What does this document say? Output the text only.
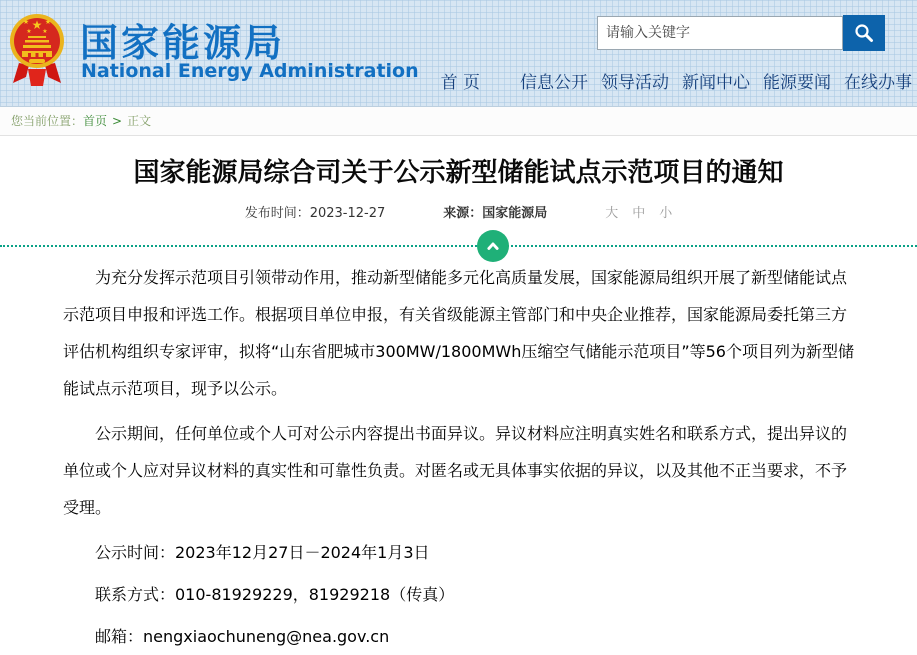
★
★ ★
★ ★ 国家能源局
National Energy Administration
请输入关键字
首 页 信息公开 领导活动 新闻中心 能源要闻 在线办事
您当前位置：首页 > 正文
国家能源局综合司关于公示新型储能试点示范项目的通知
发布时间：2023-12-27	来源：国家能源局	大 中 小

为充分发挥示范项目引领带动作用，推动新型储能多元化高质量发展，国家能源局组织开展了新型储能试点示范项目申报和评选工作。根据项目单位申报，有关省级能源主管部门和中央企业推荐，国家能源局委托第三方评估机构组织专家评审，拟将“山东省肥城市300MW/1800MWh压缩空气储能示范项目”等56个项目列为新型储能试点示范项目，现予以公示。

公示期间，任何单位或个人可对公示内容提出书面异议。异议材料应注明真实姓名和联系方式，提出异议的单位或个人应对异议材料的真实性和可靠性负责。对匿名或无具体事实依据的异议，以及其他不正当要求，不予受理。

公示时间：2023年12月27日－2024年1月3日

联系方式：010-81929229，81929218（传真）

邮箱：nengxiaochuneng@nea.gov.cn
